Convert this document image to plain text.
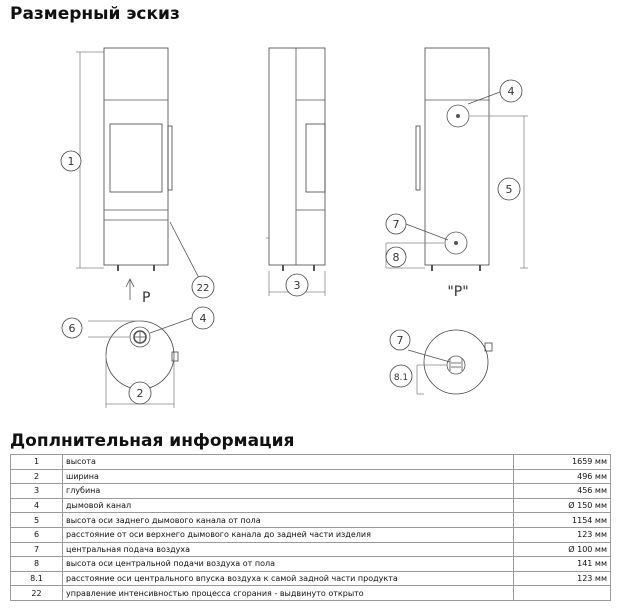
Размерный эскиз
1
22	3
4
5
7
8
6
4
2
7
8.1
P	"P"
Доплнительная информация
1	высота	1659 мм
2	ширина	496 мм
3	глубина	456 мм
4	дымовой канал	Ø 150 мм
5	высота оси заднего дымового канала от пола	1154 мм
6	расстояние от оси верхнего дымового канала до задней части изделия	123 мм
7	центральная подача воздуха	Ø 100 мм
8	высота оси центральной подачи воздуха от пола	141 мм
8.1	расстояние оси центрального впуска воздуха к самой задной части продукта	123 мм
22	управление интенсивностью процесса сгорания - выдвинуто открыто	
